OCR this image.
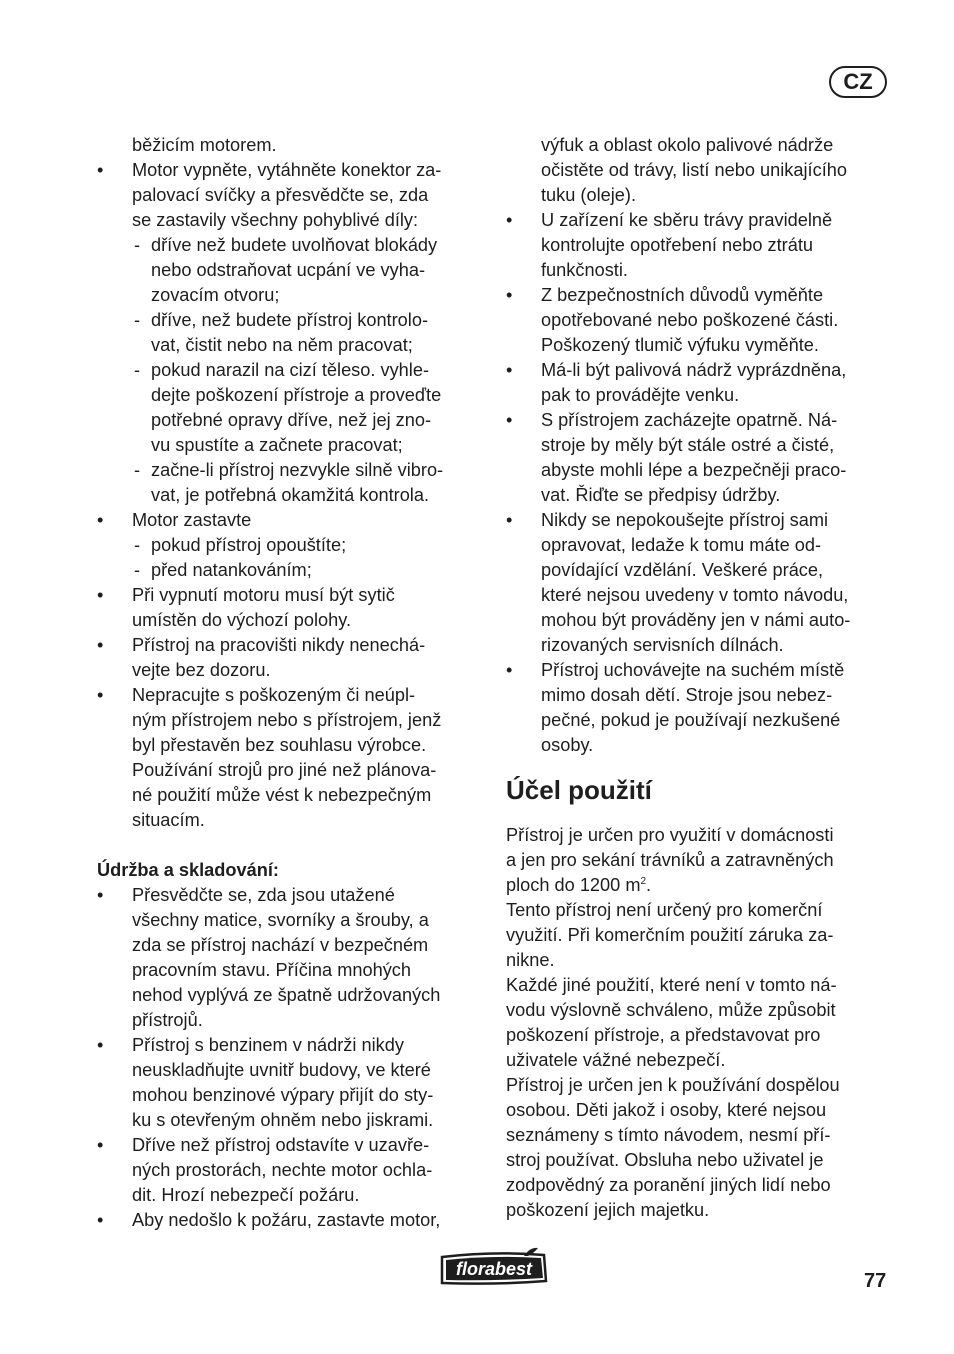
CZ
běžicím motorem.
• Motor vypněte, vytáhněte konektor za-
palovací svíčky a přesvědčte se, zda
se zastavily všechny pohyblivé díly:
- dříve než budete uvolňovat blokády
nebo odstraňovat ucpání ve vyha-
zovacím otvoru;
- dříve, než budete přístroj kontrolo-
vat, čistit nebo na něm pracovat;
- pokud narazil na cizí těleso. vyhle-
dejte poškození přístroje a proveďte
potřebné opravy dříve, než jej zno-
vu spustíte a začnete pracovat;
- začne-li přístroj nezvykle silně vibro-
vat, je potřebná okamžitá kontrola.
• Motor zastavte
- pokud přístroj opouštíte;
- před natankováním;
• Při vypnutí motoru musí být sytič
umístěn do výchozí polohy.
• Přístroj na pracovišti nikdy nenechá-
vejte bez dozoru.
• Nepracujte s poškozeným či neúpl-
ným přístrojem nebo s přístrojem, jenž
byl přestavěn bez souhlasu výrobce.
Používání strojů pro jiné než plánova-
né použití může vést k nebezpečným
situacím.
Údržba a skladování:
• Přesvědčte se, zda jsou utažené
všechny matice, svorníky a šrouby, a
zda se přístroj nachází v bezpečném
pracovním stavu. Příčina mnohých
nehod vyplývá ze špatně udržovaných
přístrojů.
• Přístroj s benzinem v nádrži nikdy
neuskladňujte uvnitř budovy, ve které
mohou benzinové výpary přijít do sty-
ku s otevřeným ohněm nebo jiskrami.
• Dříve než přístroj odstavíte v uzavře-
ných prostorách, nechte motor ochla-
dit. Hrozí nebezpečí požáru.
• Aby nedošlo k požáru, zastavte motor,
výfuk a oblast okolo palivové nádrže
očistěte od trávy, listí nebo unikajícího
tuku (oleje).
• U zařízení ke sběru trávy pravidelně
kontrolujte opotřebení nebo ztrátu
funkčnosti.
• Z bezpečnostních důvodů vyměňte
opotřebované nebo poškozené části.
Poškozený tlumič výfuku vyměňte.
• Má-li být palivová nádrž vyprázdněna,
pak to provádějte venku.
• S přístrojem zacházejte opatrně. Ná-
stroje by měly být stále ostré a čisté,
abyste mohli lépe a bezpečněji praco-
vat. Řiďte se předpisy údržby.
• Nikdy se nepokoušejte přístroj sami
opravovat, ledaže k tomu máte od-
povídající vzdělání. Veškeré práce,
které nejsou uvedeny v tomto návodu,
mohou být prováděny jen v námi auto-
rizovaných servisních dílnách.
• Přístroj uchovávejte na suchém místě
mimo dosah dětí. Stroje jsou nebez-
pečné, pokud je používají nezkušené
osoby.
Účel použití
Přístroj je určen pro využití v domácnosti
a jen pro sekání trávníků a zatravněných
ploch do 1200 $m^2$.
Tento přístroj není určený pro komerční
využití. Při komerčním použití záruka za-
nikne.
Každé jiné použití, které není v tomto ná-
vodu výslovně schváleno, může způsobit
poškození přístroje, a představovat pro
uživatele vážné nebezpečí.
Přístroj je určen jen k používání dospělou
osobou. Děti jakož i osoby, které nejsou
seznámeny s tímto návodem, nesmí pří-
stroj používat. Obsluha nebo uživatel je
zodpovědný za poranění jiných lidí nebo
poškození jejich majetku.
florabest
77
